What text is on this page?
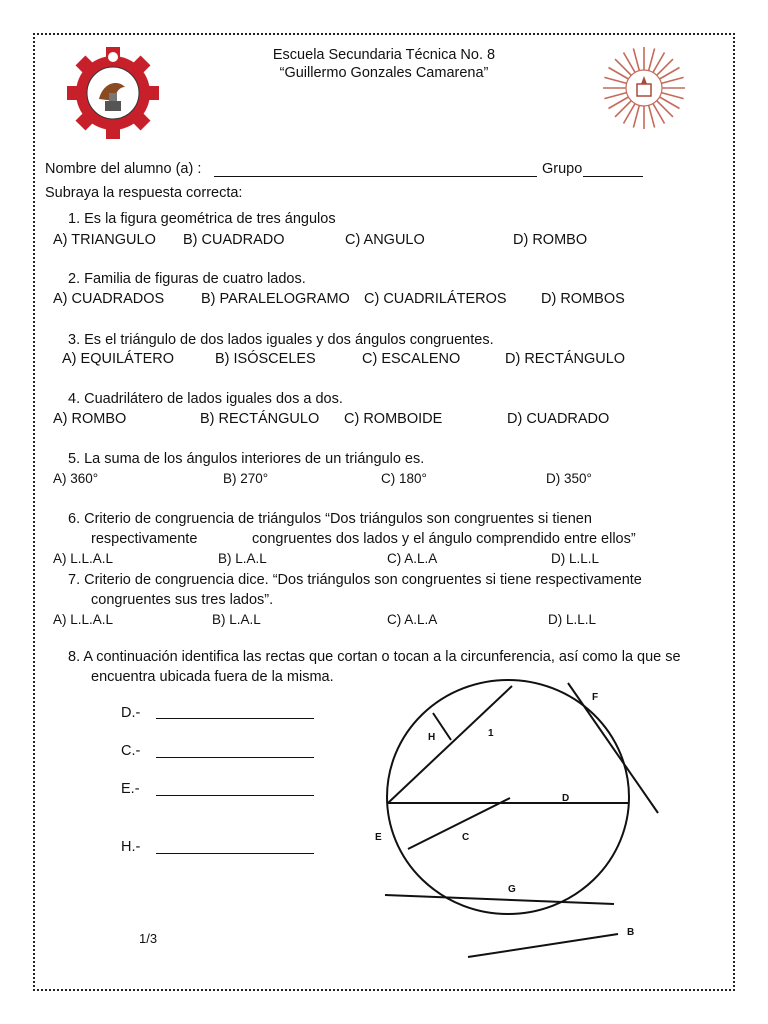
Escuela Secundaria Técnica No. 8
“Guillermo Gonzales Camarena”
Nombre del alumno (a) :	Grupo
Subraya la respuesta correcta:
1. Es la figura geométrica de tres ángulos
A) TRIANGULO B) CUADRADO	C) ANGULO	D) ROMBO
2. Familia de figuras de cuatro lados.
A) CUADRADOS	B) PARALELOGRAMO C) CUADRILÁTEROS D) ROMBOS
3. Es el triángulo de dos lados iguales y dos ángulos congruentes.
A) EQUILÁTERO	B) ISÓSCELES	C) ESCALENO	D) RECTÁNGULO
4. Cuadrilátero de lados iguales dos a dos.
A) ROMBO	B) RECTÁNGULO C) ROMBOIDE	D) CUADRADO
5. La suma de los ángulos interiores de un triángulo es.
A) 360°	B) 270°	C) 180°	D) 350°
6. Criterio de congruencia de triángulos “Dos triángulos son congruentes si tienen
respectivamente	congruentes dos lados y el ángulo comprendido entre ellos”
A) L.L.A.L	B) L.A.L	C) A.L.A	D) L.L.L
7. Criterio de congruencia dice. “Dos triángulos son congruentes si tiene respectivamente
congruentes sus tres lados”.
A) L.L.A.L	B) L.A.L	C) A.L.A	D) L.L.L
8. A continuación identifica las rectas que cortan o tocan a la circunferencia, así como la que se
encuentra ubicada fuera de la misma.
D.-
C.-
E.-
H.-
1/3
H	1
F
D
E	C
G
B
